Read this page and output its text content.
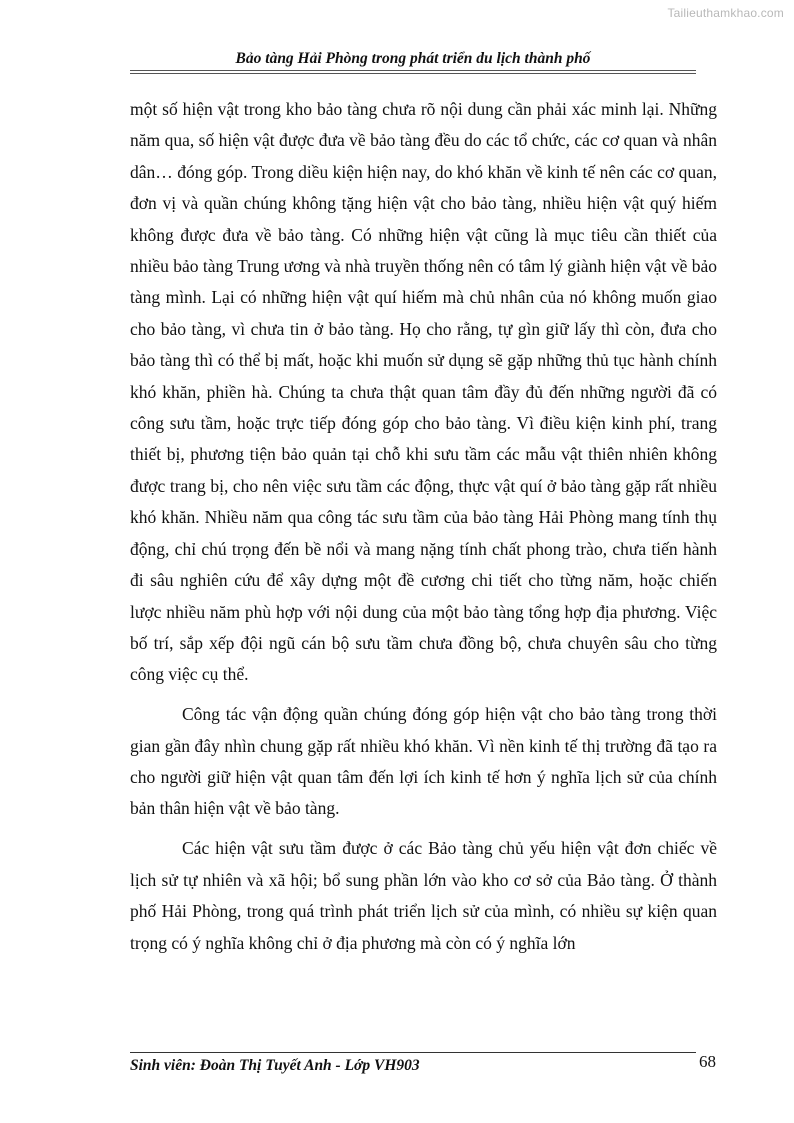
Tailieuthamkhao.com
Bảo tàng Hải Phòng trong phát triển du lịch thành phố

một số hiện vật trong kho bảo tàng chưa rõ nội dung cần phải xác minh lại. Những năm qua, số hiện vật được đưa về bảo tàng đều do các tổ chức, các cơ quan và nhân dân… đóng góp. Trong diều kiện hiện nay, do khó khăn về kinh tế nên các cơ quan, đơn vị và quần chúng không tặng hiện vật cho bảo tàng, nhiều hiện vật quý hiếm không được đưa về bảo tàng. Có những hiện vật cũng là mục tiêu cần thiết của nhiều bảo tàng Trung ương và nhà truyền thống nên có tâm lý giành hiện vật về bảo tàng mình. Lại có những hiện vật quí hiếm mà chủ nhân của nó không muốn giao cho bảo tàng, vì chưa tin ở bảo tàng. Họ cho rằng, tự gìn giữ lấy thì còn, đưa cho bảo tàng thì có thể bị mất, hoặc khi muốn sử dụng sẽ gặp những thủ tục hành chính khó khăn, phiền hà. Chúng ta chưa thật quan tâm đầy đủ đến những người đã có công sưu tầm, hoặc trực tiếp đóng góp cho bảo tàng. Vì điều kiện kinh phí, trang thiết bị, phương tiện bảo quản tại chỗ khi sưu tầm các mẫu vật thiên nhiên không được trang bị, cho nên việc sưu tầm các động, thực vật quí ở bảo tàng gặp rất nhiều khó khăn. Nhiều năm qua công tác sưu tầm của bảo tàng Hải Phòng mang tính thụ động, chỉ chú trọng đến bề nổi và mang nặng tính chất phong trào, chưa tiến hành đi sâu nghiên cứu để xây dựng một đề cương chi tiết cho từng năm, hoặc chiến lược nhiều năm phù hợp với nội dung của một bảo tàng tổng hợp địa phương. Việc bố trí, sắp xếp đội ngũ cán bộ sưu tầm chưa đồng bộ, chưa chuyên sâu cho từng công việc cụ thể.

Công tác vận động quần chúng đóng góp hiện vật cho bảo tàng trong thời gian gần đây nhìn chung gặp rất nhiều khó khăn. Vì nền kinh tế thị trường đã tạo ra cho người giữ hiện vật quan tâm đến lợi ích kinh tế hơn ý nghĩa lịch sử của chính bản thân hiện vật về bảo tàng.

Các hiện vật sưu tầm được ở các Bảo tàng chủ yếu hiện vật đơn chiếc về lịch sử tự nhiên và xã hội; bổ sung phần lớn vào kho cơ sở của Bảo tàng. Ở thành phố Hải Phòng, trong quá trình phát triển lịch sử của mình, có nhiều sự kiện quan trọng có ý nghĩa không chỉ ở địa phương mà còn có ý nghĩa lớn

Sinh viên: Đoàn Thị Tuyết Anh - Lớp VH903	68
